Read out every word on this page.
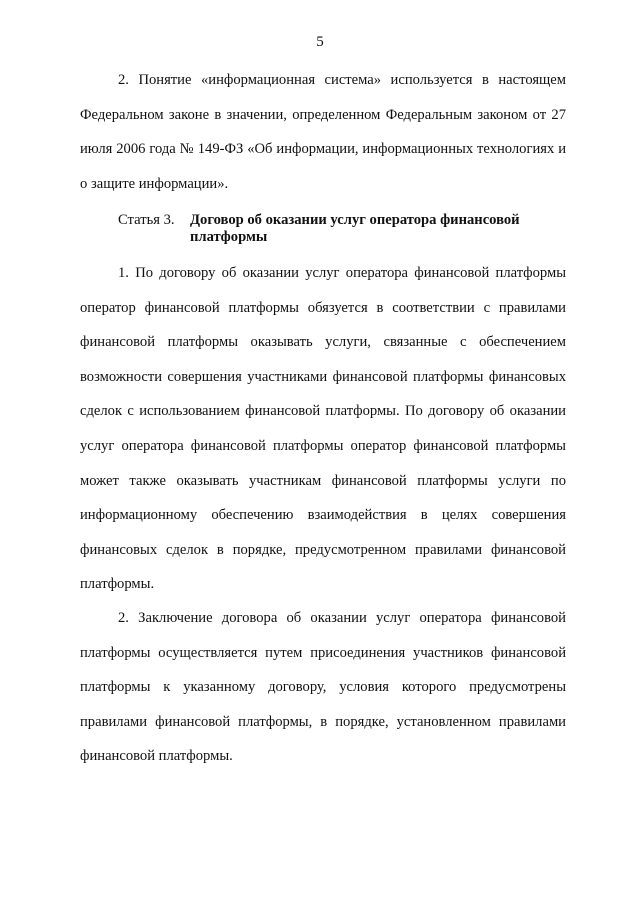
5

2. Понятие «информационная система» используется в настоящем Федеральном законе в значении, определенном Федеральным законом от 27 июля 2006 года № 149-ФЗ «Об информации, информационных технологиях и о защите информации».

Статья 3.	Договор об оказании услуг оператора финансовой платформы

1. По договору об оказании услуг оператора финансовой платформы оператор финансовой платформы обязуется в соответствии с правилами финансовой платформы оказывать услуги, связанные с обеспечением возможности совершения участниками финансовой платформы финансовых сделок с использованием финансовой платформы. По договору об оказании услуг оператора финансовой платформы оператор финансовой платформы может также оказывать участникам финансовой платформы услуги по информационному обеспечению взаимодействия в целях совершения финансовых сделок в порядке, предусмотренном правилами финансовой платформы.

2. Заключение договора об оказании услуг оператора финансовой платформы осуществляется путем присоединения участников финансовой платформы к указанному договору, условия которого предусмотрены правилами финансовой платформы, в порядке, установленном правилами финансовой платформы.
